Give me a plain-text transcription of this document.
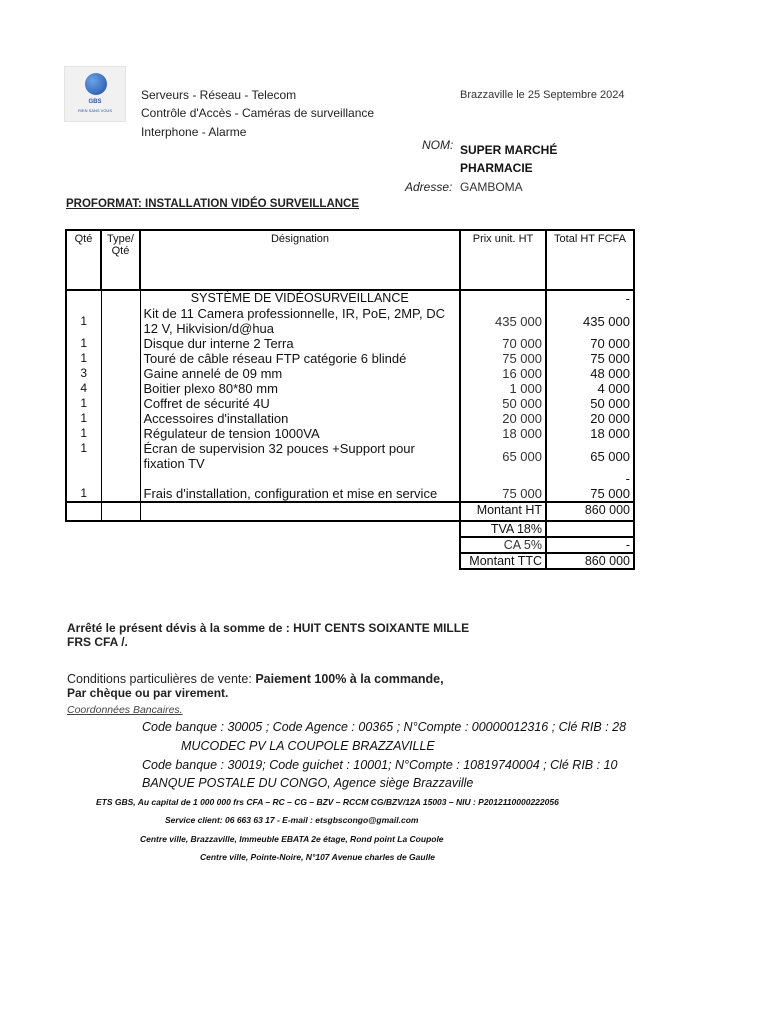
GBS
RIEN SANS VOUS
Serveurs - Réseau - Telecom
Contrôle d'Accès - Caméras de surveillance
Interphone - Alarme
Brazzaville le 25 Septembre 2024
NOM: SUPER MARCHÉ
PHARMACIE
Adresse: GAMBOMA
PROFORMAT: INSTALLATION VIDÉO SURVEILLANCE
Qté	Type/ Qté	Désignation	Prix unit. HT	Total HT FCFA
		SYSTÈME DE VIDÉOSURVEILLANCE		-
1		Kit de 11 Camera professionnelle, IR, PoE, 2MP, DC 12 V, Hikvision/d@hua	435 000	435 000
1		Disque dur interne 2 Terra	70 000	70 000
1		Touré de câble réseau FTP catégorie 6 blindé	75 000	75 000
3		Gaine annelé de 09 mm	16 000	48 000
4		Boitier plexo 80*80 mm	1 000	4 000
1		Coffret de sécurité 4U	50 000	50 000
1		Accessoires d'installation	20 000	20 000
1		Régulateur de tension 1000VA	18 000	18 000
1		Écran de supervision 32 pouces +Support pour fixation TV	65 000	65 000
				-
1		Frais d'installation, configuration et mise en service	75 000	75 000
			Montant HT	860 000
			TVA 18%	
			CA 5%	-
			Montant TTC	860 000
Arrêté le présent dévis à la somme de : HUIT CENTS SOIXANTE MILLE
FRS CFA /.
Conditions particulières de vente: Paiement 100% à la commande,
Par chèque ou par virement.
Coordonnées Bancaires.
Code banque : 30005 ; Code Agence : 00365 ; N°Compte : 00000012316 ; Clé RIB : 28
MUCODEC PV LA COUPOLE BRAZZAVILLE
Code banque : 30019; Code guichet : 10001; N°Compte : 10819740004 ; Clé RIB : 10
BANQUE POSTALE DU CONGO, Agence siège Brazzaville
ETS GBS, Au capital de 1 000 000 frs CFA – RC – CG – BZV – RCCM CG/BZV/12A 15003 – NIU : P2012110000222056
Service client: 06 663 63 17 - E-mail : etsgbscongo@gmail.com
Centre ville, Brazzaville, Immeuble EBATA 2e étage, Rond point La Coupole
Centre ville, Pointe-Noire, N°107 Avenue charles de Gaulle
